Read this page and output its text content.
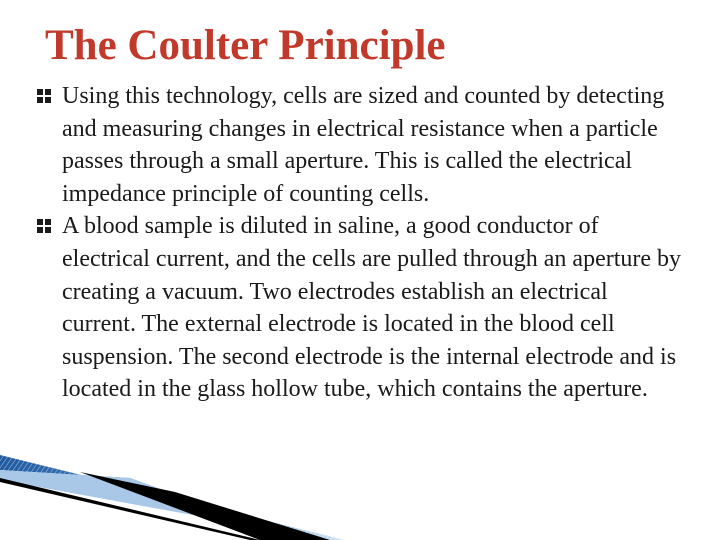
The Coulter Principle
Using this technology, cells are sized and counted by detecting and measuring changes in electrical resistance when a particle passes through a small aperture. This is called the electrical impedance principle of counting cells.
A blood sample is diluted in saline, a good conductor of electrical current, and the cells are pulled through an aperture by creating a vacuum. Two electrodes establish an electrical current. The external electrode is located in the blood cell suspension. The second electrode is the internal electrode and is located in the glass hollow tube, which contains the aperture.
